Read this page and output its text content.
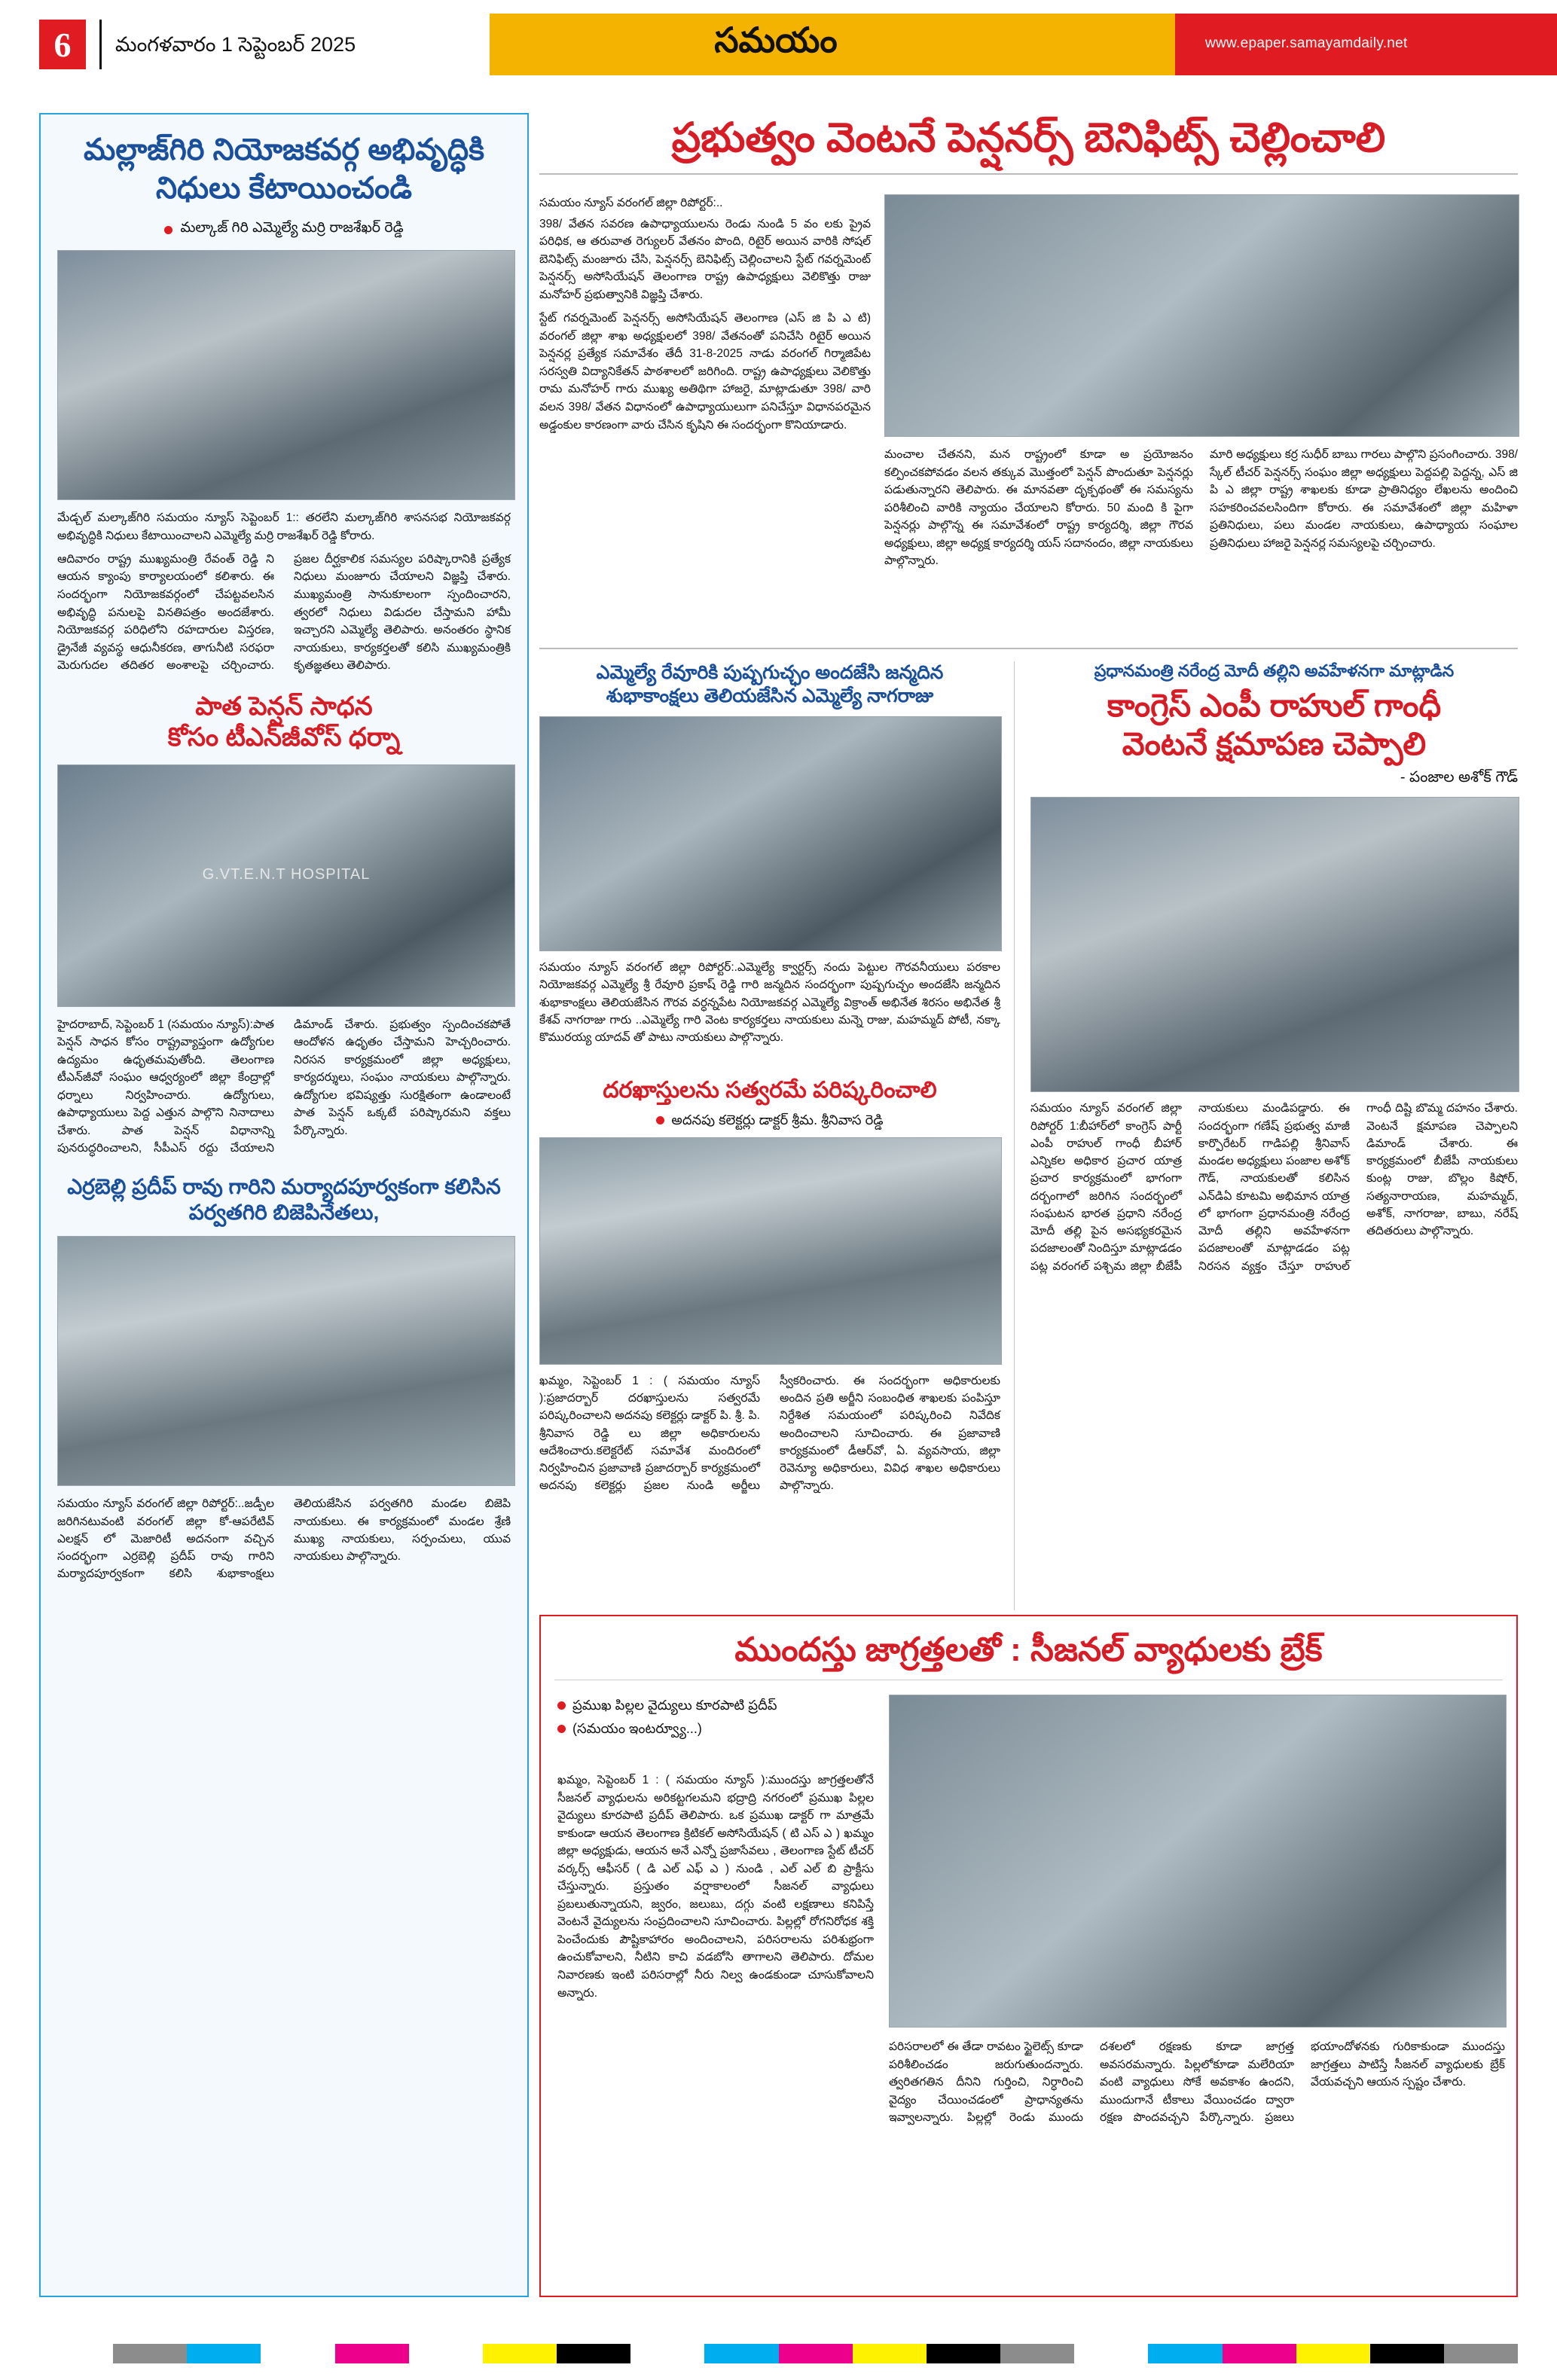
6	మంగళవారం 1 సెప్టెంబర్ 2025	సమయం	www.epaper.samayamdaily.net
మల్లాజ్‌గిరి నియోజకవర్గ అభివృద్ధికి నిధులు కేటాయించండి
మల్కాజ్ గిరి ఎమ్మెల్యే మర్రి రాజశేఖర్ రెడ్డి
మేడ్చల్ మల్కాజ్‌గిరి సమయం న్యూస్ సెప్టెంబర్ 1:: తరలేని మల్కాజ్‌గిరి శాసనసభ నియోజకవర్గ అభివృద్ధికి నిధులు కేటాయించాలని ఎమ్మెల్యే మర్రి రాజశేఖర్ రెడ్డి కోరారు.
ఆదివారం రాష్ట్ర ముఖ్యమంత్రి రేవంత్ రెడ్డి ని ఆయన క్యాంపు కార్యాలయంలో కలిశారు. ఈ సందర్భంగా నియోజకవర్గంలో చేపట్టవలసిన అభివృద్ధి పనులపై వినతిపత్రం అందజేశారు. నియోజకవర్గ పరిధిలోని రహదారుల విస్తరణ, డ్రైనేజీ వ్యవస్థ ఆధునీకరణ, తాగునీటి సరఫరా మెరుగుదల తదితర అంశాలపై చర్చించారు. ప్రజల దీర్ఘకాలిక సమస్యల పరిష్కారానికి ప్రత్యేక నిధులు మంజూరు చేయాలని విజ్ఞప్తి చేశారు. ముఖ్యమంత్రి సానుకూలంగా స్పందించారని, త్వరలో నిధులు విడుదల చేస్తామని హామీ ఇచ్చారని ఎమ్మెల్యే తెలిపారు. అనంతరం స్థానిక నాయకులు, కార్యకర్తలతో కలిసి ముఖ్యమంత్రికి కృతజ్ఞతలు తెలిపారు.
పాత పెన్షన్ సాధన
కోసం టీఎన్‌జీవోస్ ధర్నా
G.VT.E.N.T HOSPITAL
హైదరాబాద్, సెప్టెంబర్ 1 (సమయం న్యూస్):పాత పెన్షన్ సాధన కోసం రాష్ట్రవ్యాప్తంగా ఉద్యోగుల ఉద్యమం ఉధృతమవుతోంది. తెలంగాణ టీఎన్‌జీవో సంఘం ఆధ్వర్యంలో జిల్లా కేంద్రాల్లో ధర్నాలు నిర్వహించారు. ఉద్యోగులు, ఉపాధ్యాయులు పెద్ద ఎత్తున పాల్గొని నినాదాలు చేశారు. పాత పెన్షన్ విధానాన్ని పునరుద్ధరించాలని, సీపీఎస్ రద్దు చేయాలని డిమాండ్ చేశారు. ప్రభుత్వం స్పందించకపోతే ఆందోళన ఉధృతం చేస్తామని హెచ్చరించారు. నిరసన కార్యక్రమంలో జిల్లా అధ్యక్షులు, కార్యదర్శులు, సంఘం నాయకులు పాల్గొన్నారు. ఉద్యోగుల భవిష్యత్తు సురక్షితంగా ఉండాలంటే పాత పెన్షన్ ఒక్కటే పరిష్కారమని వక్తలు పేర్కొన్నారు.
ఎర్రబెల్లి ప్రదీప్ రావు గారిని మర్యాదపూర్వకంగా కలిసిన పర్వతగిరి బిజెపినేతలు,
సమయం న్యూస్ వరంగల్ జిల్లా రిపోర్టర్:..జడ్పీల జరిగినటువంటి వరంగల్ జిల్లా కో-ఆపరేటివ్ ఎలక్షన్ లో మెజారిటీ అదనంగా వచ్చిన సందర్భంగా ఎర్రబెల్లి ప్రదీప్ రావు గారిని మర్యాదపూర్వకంగా కలిసి శుభాకాంక్షలు తెలియజేసిన పర్వతగిరి మండల బిజెపి నాయకులు. ఈ కార్యక్రమంలో మండల శ్రేణి ముఖ్య నాయకులు, సర్పంచులు, యువ నాయకులు పాల్గొన్నారు.
ప్రభుత్వం వెంటనే పెన్షనర్స్ బెనిఫిట్స్ చెల్లించాలి
సమయం న్యూస్ వరంగల్ జిల్లా రిపోర్టర్:..
398/ వేతన సవరణ ఉపాధ్యాయులను రెండు నుండి 5 వం లకు ప్రైవ పరిధిక, ఆ తరువాత రెగ్యులర్ వేతనం పొంది, రిటైర్ అయిన వారికి సోషల్ బెనిఫిట్స్ మంజూరు చేసి, పెన్షనర్స్ బెనిఫిట్స్ చెల్లించాలని స్టేట్ గవర్నమెంట్ పెన్షనర్స్ అసోసియేషన్ తెలంగాణ రాష్ట్ర ఉపాధ్యక్షులు వెలికొత్తు రాజు మనోహర్ ప్రభుత్వానికి విజ్ఞప్తి చేశారు.
స్టేట్ గవర్నమెంట్ పెన్షనర్స్ అసోసియేషన్ తెలంగాణ (ఎస్ జి పి ఎ టి) వరంగల్ జిల్లా శాఖ అధ్యక్షులలో 398/ వేతనంతో పనిచేసి రిటైర్ అయిన పెన్షనర్ల ప్రత్యేక సమావేశం తేదీ 31-8-2025 నాడు వరంగల్ గిర్మాజిపేట సరస్వతి విద్యానికేతన్ పాఠశాలలో జరిగింది. రాష్ట్ర ఉపాధ్యక్షులు వెలికొత్తు రామ మనోహర్ గారు ముఖ్య అతిథిగా హాజరై, మాట్లాడుతూ 398/ వారి వలన 398/ వేతన విధానంలో ఉపాధ్యాయులుగా పనిచేస్తూ విధానపరమైన అడ్డంకుల కారణంగా వారు చేసిన కృషిని ఈ సందర్భంగా కొనియాడారు.
మంచాల చేతనని, మన రాష్ట్రంలో కూడా అ ప్రయోజనం కల్పించకపోవడం వలన తక్కువ మొత్తంలో పెన్షన్ పొందుతూ పెన్షనర్లు పడుతున్నారని తెలిపారు. ఈ మానవతా దృక్పథంతో ఈ సమస్యను పరిశీలించి వారికి న్యాయం చేయాలని కోరారు. 50 మంది కి పైగా పెన్షనర్లు పాల్గొన్న ఈ సమావేశంలో రాష్ట్ర కార్యదర్శి, జిల్లా గౌరవ అధ్యక్షులు, జిల్లా అధ్యక్ష కార్యదర్శి యస్ సదానందం, జిల్లా నాయకులు పాల్గొన్నారు.
మారి అధ్యక్షులు కర్ర సుధీర్ బాబు గారలు పాల్గొని ప్రసంగించారు. 398/ స్కేల్ టీచర్ పెన్షనర్స్ సంఘం జిల్లా అధ్యక్షులు పెద్దపల్లి పెద్దన్న, ఎస్ జి పి ఎ జిల్లా రాష్ట్ర శాఖలకు కూడా ప్రాతినిధ్యం లేఖలను అందించి సహకరించవలసిందిగా కోరారు. ఈ సమావేశంలో జిల్లా మహిళా ప్రతినిధులు, పలు మండల నాయకులు, ఉపాధ్యాయ సంఘాల ప్రతినిధులు హాజరై పెన్షనర్ల సమస్యలపై చర్చించారు.
ఎమ్మెల్యే రేవూరికి పుష్పగుచ్ఛం అందజేసి జన్మదిన
శుభాకాంక్షలు తెలియజేసిన ఎమ్మెల్యే నాగరాజు
సమయం న్యూస్ వరంగల్ జిల్లా రిపోర్టర్:.ఎమ్మెల్యే క్వార్టర్స్ నందు పెట్టుల గౌరవనీయులు పరకాల నియోజకవర్గ ఎమ్మెల్యే శ్రీ రేవూరి ప్రకాష్ రెడ్డి గారి జన్మదిన సందర్భంగా పుష్పగుచ్ఛం అందజేసి జన్మదిన శుభాకాంక్షలు తెలియజేసిన గౌరవ వర్ధన్నపేట నియోజకవర్గ ఎమ్మెల్యే విక్రాంత్ అభినేత శిరసం అభినేత శ్రీ కేశవ్ నాగరాజు గారు ..ఎమ్మెల్యే గారి వెంట కార్యకర్తలు నాయకులు మన్నె రాజు, మహమ్మద్ పోటీ, నక్కా కొమురయ్య యాదవ్ తో పాటు నాయకులు పాల్గొన్నారు.
దరఖాస్తులను సత్వరమే పరిష్కరించాలి
అదనపు కలెక్టర్లు డాక్టర్ శ్రీమ. శ్రీనివాస రెడ్డి
ఖమ్మం, సెప్టెంబర్ 1 : ( సమయం న్యూస్ ):ప్రజాదర్బార్ దరఖాస్తులను సత్వరమే పరిష్కరించాలని అదనపు కలెక్టర్లు డాక్టర్ పి. శ్రీ. పి. శ్రీనివాస రెడ్డి లు జిల్లా అధికారులను ఆదేశించారు.కలెక్టరేట్ సమావేశ మందిరంలో నిర్వహించిన ప్రజావాణి ప్రజాదర్బార్ కార్యక్రమంలో అదనపు కలెక్టర్లు ప్రజల నుండి అర్జీలు స్వీకరించారు. ఈ సందర్భంగా అధికారులకు అందిన ప్రతి అర్జీని సంబంధిత శాఖలకు పంపిస్తూ నిర్దేశిత సమయంలో పరిష్కరించి నివేదిక అందించాలని సూచించారు. ఈ ప్రజావాణి కార్యక్రమంలో డీఆర్‌వో, ఏ. వ్యవసాయ, జిల్లా రెవెన్యూ అధికారులు, వివిధ శాఖల అధికారులు పాల్గొన్నారు.
ప్రధానమంత్రి నరేంద్ర మోదీ తల్లిని అవహేళనగా మాట్లాడిన
కాంగ్రెస్ ఎంపీ రాహుల్ గాంధీ
వెంటనే క్షమాపణ చెప్పాలి
- పంజాల అశోక్ గౌడ్
సమయం న్యూస్ వరంగల్ జిల్లా రిపోర్టర్ 1:బీహార్‌లో కాంగ్రెస్ పార్టీ ఎంపీ రాహుల్ గాంధీ బీహార్ ఎన్నికల అధికార ప్రచార యాత్ర ప్రచార కార్యక్రమంలో భాగంగా దర్బంగాలో జరిగిన సందర్భంలో సంఘటన భారత ప్రధాని నరేంద్ర మోదీ తల్లి పైన అసభ్యకరమైన పదజాలంతో నిందిస్తూ మాట్లాడడం పట్ల వరంగల్ పశ్చిమ జిల్లా బీజేపీ నాయకులు మండిపడ్డారు. ఈ సందర్భంగా గణేష్ ప్రభుత్వ మాజీ కార్పొరేటర్ గాడిపల్లి శ్రీనివాస్ మండల అధ్యక్షులు పంజాల అశోక్ గౌడ్, నాయకులతో కలిసిన ఎన్‌డిఏ కూటమి అభిమాన యాత్ర లో భాగంగా ప్రధానమంత్రి నరేంద్ర మోదీ తల్లిని అవహేళనగా పదజాలంతో మాట్లాడడం పట్ల నిరసన వ్యక్తం చేస్తూ రాహుల్ గాంధీ దిష్టి బొమ్మ దహనం చేశారు. వెంటనే క్షమాపణ చెప్పాలని డిమాండ్ చేశారు. ఈ కార్యక్రమంలో బీజేపీ నాయకులు కుంట్ల రాజు, బొల్లం కిషోర్, సత్యనారాయణ, మహమ్మద్, అశోక్, నాగరాజు, బాబు, నరేష్ తదితరులు పాల్గొన్నారు.
ముందస్తు జాగ్రత్తలతో : సీజనల్ వ్యాధులకు బ్రేక్
ప్రముఖ పిల్లల వైద్యులు కూరపాటి ప్రదీప్
(సమయం ఇంటర్వ్యూ...)
ఖమ్మం, సెప్టెంబర్ 1 : ( సమయం న్యూస్ ):ముందస్తు జాగ్రత్తలతోనే సీజనల్ వ్యాధులను అరికట్టగలమని భద్రాద్రి నగరంలో ప్రముఖ పిల్లల వైద్యులు కూరపాటి ప్రదీప్ తెలిపారు. ఒక ప్రముఖ డాక్టర్ గా మాత్రమే కాకుండా ఆయన తెలంగాణ క్రిటికల్ అసోసియేషన్ ( టి ఎస్ ఎ ) ఖమ్మం జిల్లా అధ్యక్షుడు, ఆయన అనే ఎన్నో ప్రజాసేవలు , తెలంగాణ స్టేట్ టీచర్ వర్కర్స్ ఆఫీసర్ ( డి ఎల్ ఎఫ్ ఎ ) నుండి , ఎల్ ఎల్ బి ప్రాక్టీసు చేస్తున్నారు. ప్రస్తుతం వర్షాకాలంలో సీజనల్ వ్యాధులు ప్రబలుతున్నాయని, జ్వరం, జలుబు, దగ్గు వంటి లక్షణాలు కనిపిస్తే వెంటనే వైద్యులను సంప్రదించాలని సూచించారు. పిల్లల్లో రోగనిరోధక శక్తి పెంచేందుకు పౌష్టికాహారం అందించాలని, పరిసరాలను పరిశుభ్రంగా ఉంచుకోవాలని, నీటిని కాచి వడబోసి తాగాలని తెలిపారు. దోమల నివారణకు ఇంటి పరిసరాల్లో నీరు నిల్వ ఉండకుండా చూసుకోవాలని అన్నారు.
పరిసరాలలో ఈ తేడా రావటం స్టైలెట్స్ కూడా పరిశీలించడం జరుగుతుందన్నారు. త్వరితగతిన దీనిని గుర్తించి, నిర్ధారించి వైద్యం చేయించడంలో ప్రాధాన్యతను ఇవ్వాలన్నారు. పిల్లల్లో రెండు ముందు దశలలో రక్షణకు కూడా జాగ్రత్త అవసరమన్నారు. పిల్లలోకూడా మలేరియా వంటి వ్యాధులు సోకే అవకాశం ఉందని, ముందుగానే టీకాలు వేయించడం ద్వారా రక్షణ పొందవచ్చని పేర్కొన్నారు. ప్రజలు భయాందోళనకు గురికాకుండా ముందస్తు జాగ్రత్తలు పాటిస్తే సీజనల్ వ్యాధులకు బ్రేక్ వేయవచ్చని ఆయన స్పష్టం చేశారు.
